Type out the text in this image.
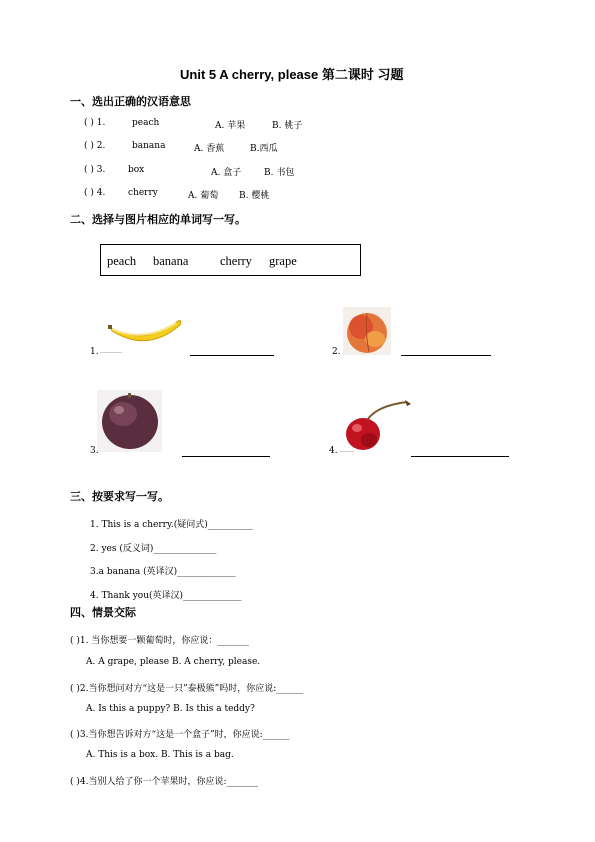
Unit 5 A cherry, please 第二课时 习题
一、选出正确的汉语意思
( ) 1.	peach	A. 苹果	B. 桃子
( ) 2.	banana	A. 香蕉	B.西瓜
( ) 3.	box	A. 盒子	B. 书包
( ) 4.	cherry	A. 葡萄 B. 樱桃
二、选择与图片相应的单词写一写。
peach banana	cherry grape
1.	2.
3.	4.
三、按要求写一写。
1. This is a cherry.(疑问式)__________
2. yes (反义词)______________
3.a banana (英译汉)_____________
4. Thank you(英译汉)_____________
四、情景交际
( )1. 当你想要一颗葡萄时，你应说：_______
A. A grape, please B. A cherry, please.
( )2.当你想问对方“这是一只”泰极熊”吗时，你应说:______
A. Is this a puppy? B. Is this a teddy?
( )3.当你想告诉对方“这是一个盒子”时，你应说:______
A. This is a box. B. This is a bag.
( )4.当别人给了你一个苹果时，你应说:_______
